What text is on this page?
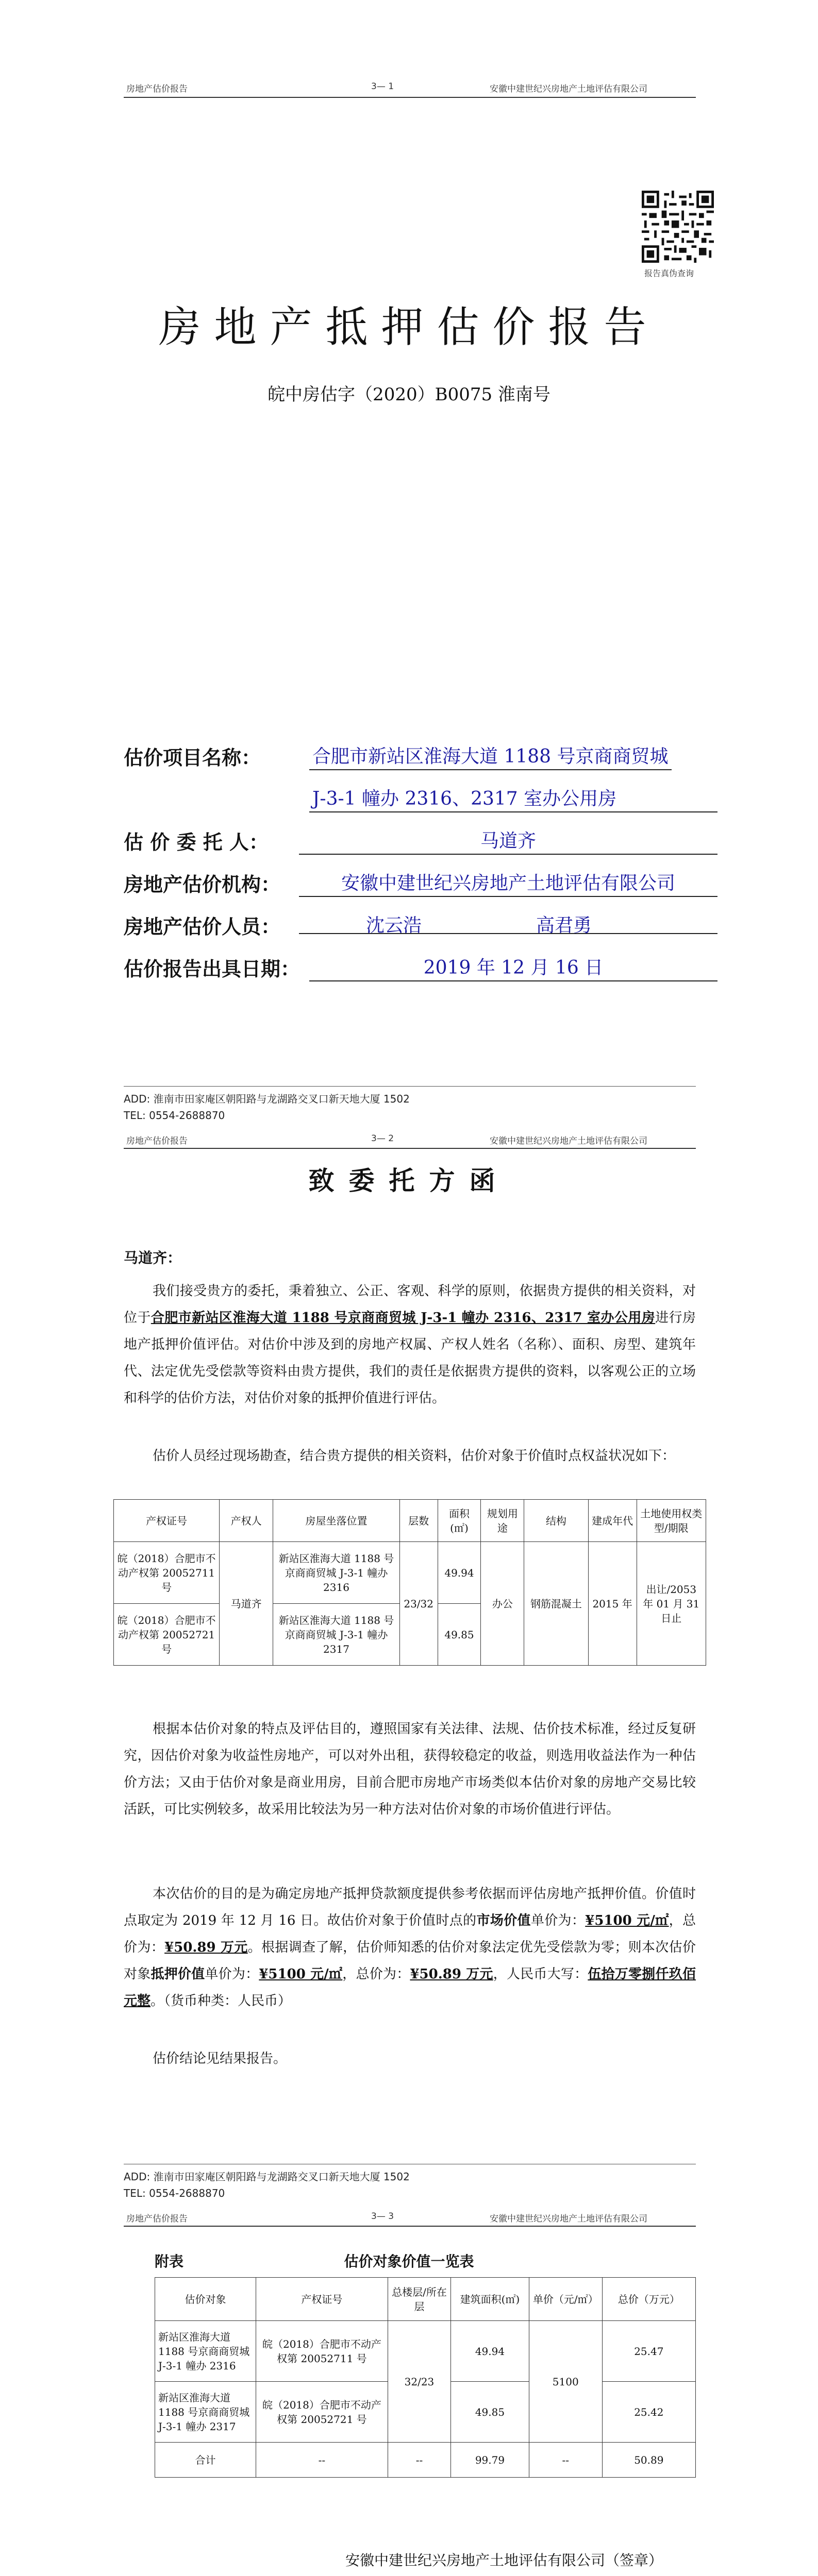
房地产估价报告	3— 1	安徽中建世纪兴房地产土地评估有限公司
报告真伪查询
房地产抵押估价报告
皖中房估字（2020）B0075 淮南号
估价项目名称：	合肥市新站区淮海大道 1188 号京商商贸城
J-3-1 幢办 2316、2317 室办公用房
估 价 委 托 人：	马道齐
房地产估价机构：	安徽中建世纪兴房地产土地评估有限公司
房地产估价人员：	沈云浩	高君勇

估价报告出具日期：	2019 年 12 月 16 日
ADD: 淮南市田家庵区朝阳路与龙湖路交叉口新天地大厦 1502
TEL: 0554-2688870
房地产估价报告	3— 2	安徽中建世纪兴房地产土地评估有限公司
致委托方函
马道齐：
我们接受贵方的委托，秉着独立、公正、客观、科学的原则，依据贵方提供的相关资料，对位于合肥市新站区淮海大道 1188 号京商商贸城 J-3-1 幢办 2316、2317 室办公用房进行房地产抵押价值评估。对估价中涉及到的房地产权属、产权人姓名（名称）、面积、房型、建筑年代、法定优先受偿款等资料由贵方提供，我们的责任是依据贵方提供的资料，以客观公正的立场和科学的估价方法，对估价对象的抵押价值进行评估。
估价人员经过现场勘查，结合贵方提供的相关资料，估价对象于价值时点权益状况如下：
产权证号	产权人	房屋坐落位置	层数	面积(㎡)	规划用途	结构	建成年代	土地使用权类型/期限
皖（2018）合肥市不动产权第 20052711 号	马道齐	新站区淮海大道 1188 号京商商贸城 J-3-1 幢办 2316	23/32	49.94	办公	钢筋混凝土	2015 年	出让/2053 年 01 月 31 日止
皖（2018）合肥市不动产权第 20052721 号		新站区淮海大道 1188 号京商商贸城 J-3-1 幢办 2317		49.85				
根据本估价对象的特点及评估目的，遵照国家有关法律、法规、估价技术标准，经过反复研究，因估价对象为收益性房地产，可以对外出租，获得较稳定的收益，则选用收益法作为一种估价方法；又由于估价对象是商业用房，目前合肥市房地产市场类似本估价对象的房地产交易比较活跃，可比实例较多，故采用比较法为另一种方法对估价对象的市场价值进行评估。
本次估价的目的是为确定房地产抵押贷款额度提供参考依据而评估房地产抵押价值。价值时点取定为 2019 年 12 月 16 日。故估价对象于价值时点的市场价值单价为：¥5100 元/㎡，总价为：¥50.89 万元。根据调查了解，估价师知悉的估价对象法定优先受偿款为零；则本次估价对象抵押价值单价为：¥5100 元/㎡，总价为：¥50.89 万元，人民币大写：伍拾万零捌仟玖佰元整。（货币种类：人民币）
估价结论见结果报告。
ADD: 淮南市田家庵区朝阳路与龙湖路交叉口新天地大厦 1502
TEL: 0554-2688870
房地产估价报告	3— 3	安徽中建世纪兴房地产土地评估有限公司
附表	估价对象价值一览表
估价对象	产权证号	总楼层/所在层	建筑面积(㎡)	单价（元/㎡）	总价（万元）
新站区淮海大道 1188 号京商商贸城 J-3-1 幢办 2316	皖（2018）合肥市不动产权第 20052711 号	32/23	49.94	5100	25.47
新站区淮海大道 1188 号京商商贸城 J-3-1 幢办 2317	皖（2018）合肥市不动产权第 20052721 号		49.85		25.42
合计	--	--	99.79	--	50.89
安徽中建世纪兴房地产土地评估有限公司（签章）
